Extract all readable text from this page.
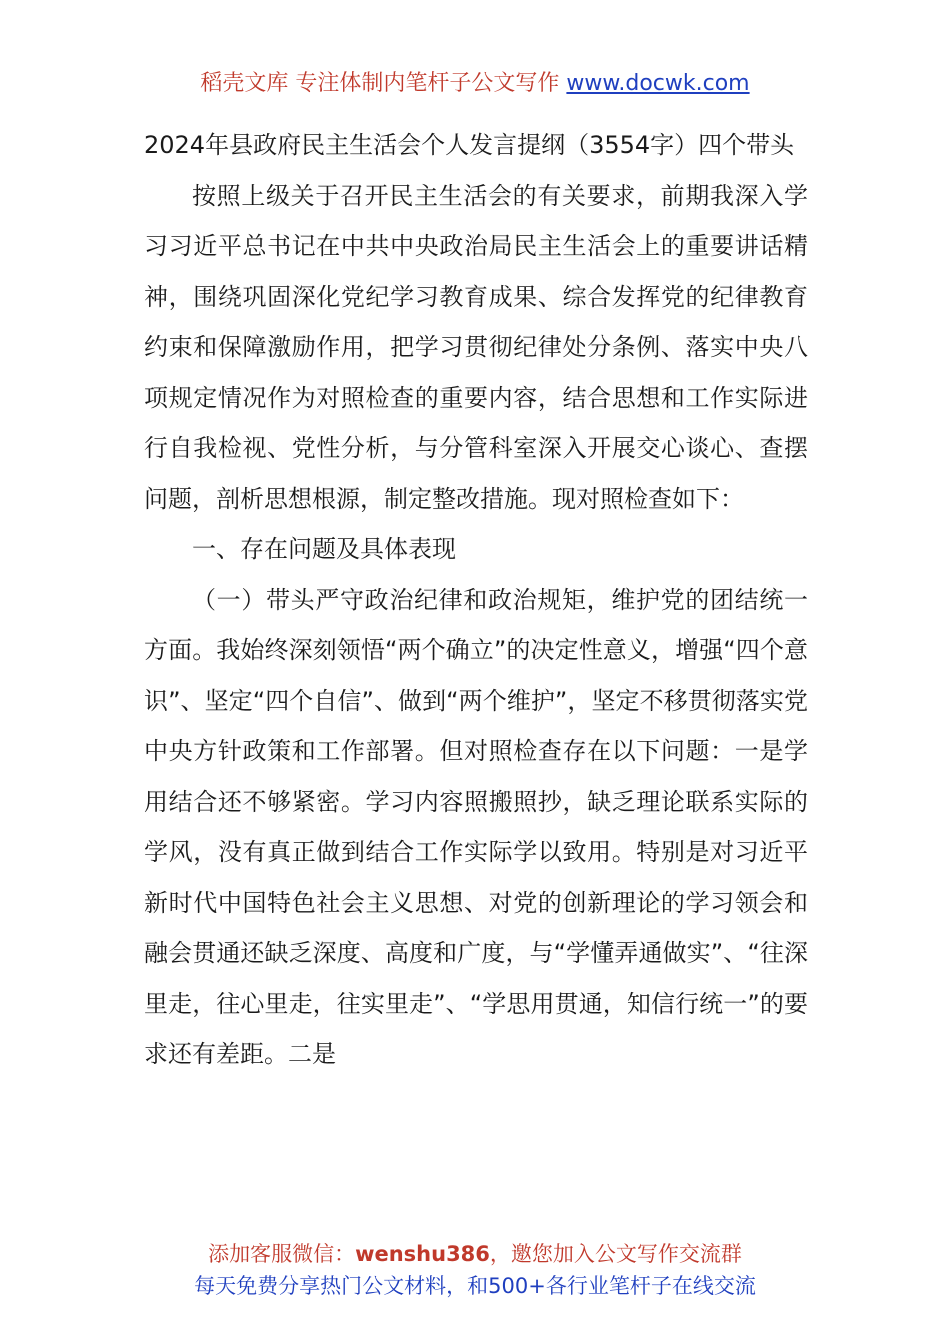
稻壳文库 专注体制内笔杆子公文写作 www.docwk.com

2024年县政府民主生活会个人发言提纲（3554字）四个带头

按照上级关于召开民主生活会的有关要求，前期我深入学习习近平总书记在中共中央政治局民主生活会上的重要讲话精神，围绕巩固深化党纪学习教育成果、综合发挥党的纪律教育约束和保障激励作用，把学习贯彻纪律处分条例、落实中央八项规定情况作为对照检查的重要内容，结合思想和工作实际进行自我检视、党性分析，与分管科室深入开展交心谈心、查摆问题，剖析思想根源，制定整改措施。现对照检查如下：

一、存在问题及具体表现

（一）带头严守政治纪律和政治规矩，维护党的团结统一方面。我始终深刻领悟“两个确立”的决定性意义，增强“四个意识”、坚定“四个自信”、做到“两个维护”，坚定不移贯彻落实党中央方针政策和工作部署。但对照检查存在以下问题：一是学用结合还不够紧密。学习内容照搬照抄，缺乏理论联系实际的学风，没有真正做到结合工作实际学以致用。特别是对习近平新时代中国特色社会主义思想、对党的创新理论的学习领会和融会贯通还缺乏深度、高度和广度，与“学懂弄通做实”、“往深里走，往心里走，往实里走”、“学思用贯通，知信行统一”的要求还有差距。二是

添加客服微信：wenshu386，邀您加入公文写作交流群
每天免费分享热门公文材料，和500+各行业笔杆子在线交流
